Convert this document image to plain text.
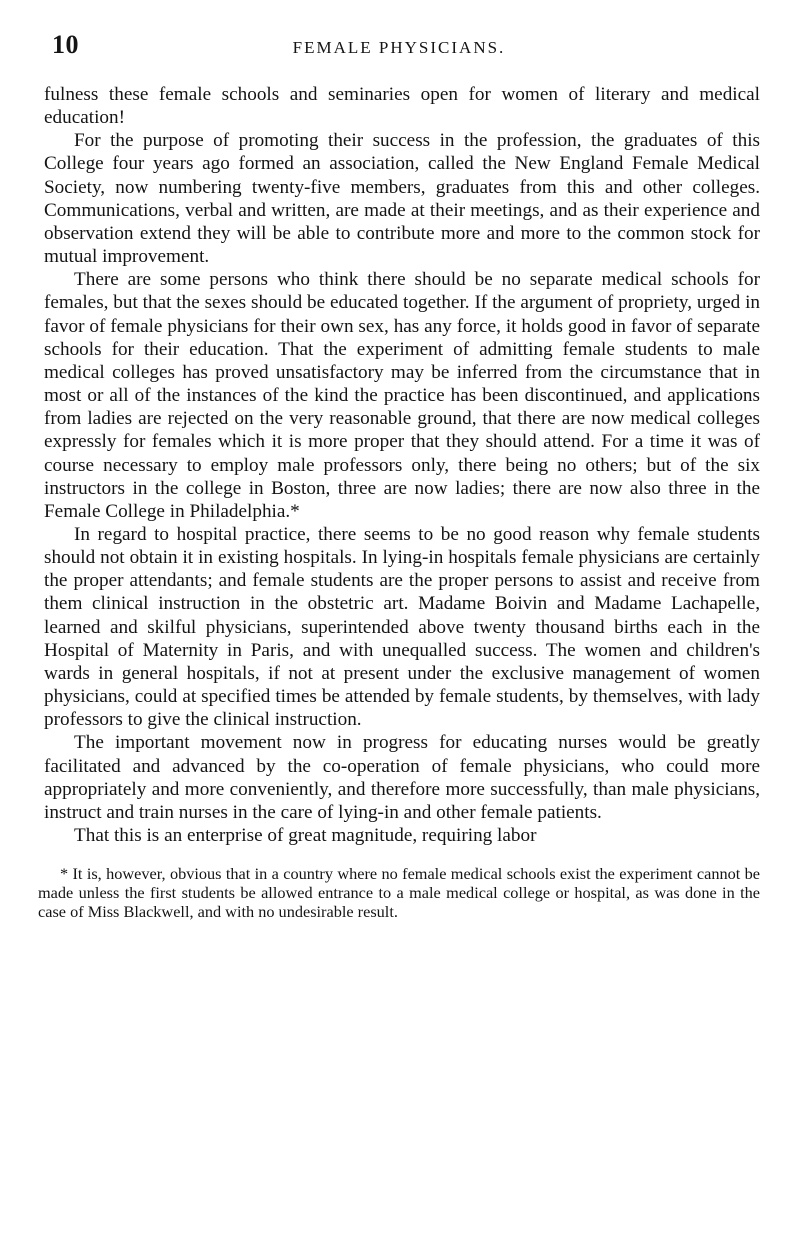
10	FEMALE PHYSICIANS.

fulness these female schools and seminaries open for women of literary and medical education!

For the purpose of promoting their success in the profession, the graduates of this College four years ago formed an association, called the New England Female Medical Society, now numbering twenty-five members, graduates from this and other colleges. Communications, verbal and written, are made at their meetings, and as their experience and observation extend they will be able to contribute more and more to the common stock for mutual improvement.

There are some persons who think there should be no separate medical schools for females, but that the sexes should be educated together. If the argument of propriety, urged in favor of female physicians for their own sex, has any force, it holds good in favor of separate schools for their education. That the experiment of admitting female students to male medical colleges has proved unsatisfactory may be inferred from the circumstance that in most or all of the instances of the kind the practice has been discontinued, and applications from ladies are rejected on the very reasonable ground, that there are now medical colleges expressly for females which it is more proper that they should attend. For a time it was of course necessary to employ male professors only, there being no others; but of the six instructors in the college in Boston, three are now ladies; there are now also three in the Female College in Philadelphia.*

In regard to hospital practice, there seems to be no good reason why female students should not obtain it in existing hospitals. In lying-in hospitals female physicians are certainly the proper attendants; and female students are the proper persons to assist and receive from them clinical instruction in the obstetric art. Madame Boivin and Madame Lachapelle, learned and skilful physicians, superintended above twenty thousand births each in the Hospital of Maternity in Paris, and with unequalled success. The women and children's wards in general hospitals, if not at present under the exclusive management of women physicians, could at specified times be attended by female students, by themselves, with lady professors to give the clinical instruction.

The important movement now in progress for educating nurses would be greatly facilitated and advanced by the co-operation of female physicians, who could more appropriately and more conveniently, and therefore more successfully, than male physicians, instruct and train nurses in the care of lying-in and other female patients.

That this is an enterprise of great magnitude, requiring labor

* It is, however, obvious that in a country where no female medical schools exist the experiment cannot be made unless the first students be allowed entrance to a male medical college or hospital, as was done in the case of Miss Blackwell, and with no undesirable result.
